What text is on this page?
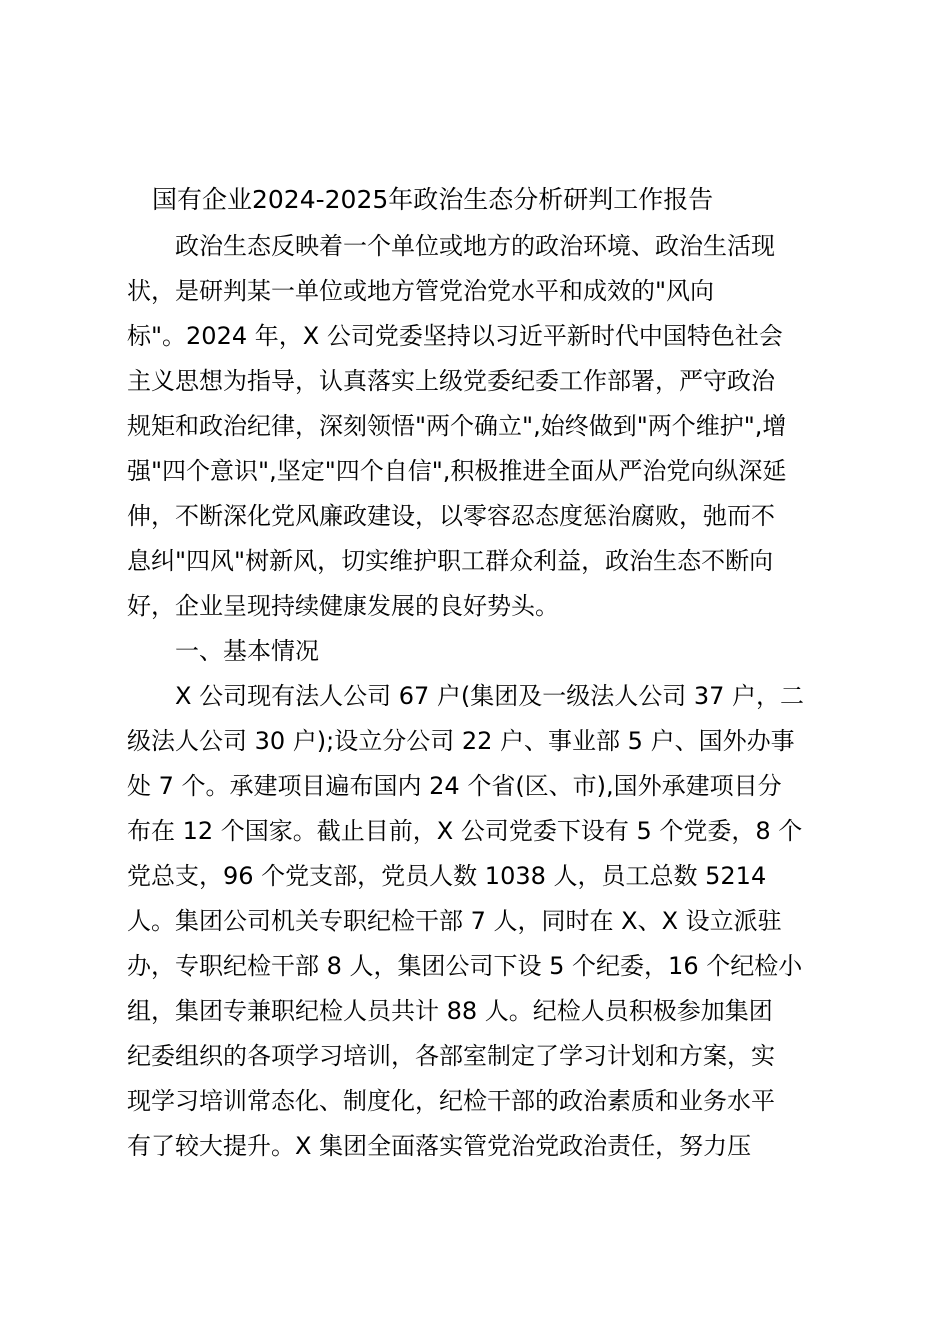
国有企业2024-2025年政治生态分析研判工作报告

　　政治生态反映着一个单位或地方的政治环境、政治生活现

状，是研判某一单位或地方管党治党水平和成效的"风向

标"。2024 年，X 公司党委坚持以习近平新时代中国特色社会

主义思想为指导，认真落实上级党委纪委工作部署，严守政治

规矩和政治纪律，深刻领悟"两个确立",始终做到"两个维护",增

强"四个意识",坚定"四个自信",积极推进全面从严治党向纵深延

伸，不断深化党风廉政建设，以零容忍态度惩治腐败，弛而不

息纠"四风"树新风，切实维护职工群众利益，政治生态不断向

好，企业呈现持续健康发展的良好势头。

　　一、基本情况

　　X 公司现有法人公司 67 户(集团及一级法人公司 37 户，二

级法人公司 30 户);设立分公司 22 户、事业部 5 户、国外办事

处 7 个。承建项目遍布国内 24 个省(区、市),国外承建项目分

布在 12 个国家。截止目前，X 公司党委下设有 5 个党委，8 个

党总支，96 个党支部，党员人数 1038 人，员工总数 5214

人。集团公司机关专职纪检干部 7 人，同时在 X、X 设立派驻

办，专职纪检干部 8 人，集团公司下设 5 个纪委，16 个纪检小

组，集团专兼职纪检人员共计 88 人。纪检人员积极参加集团

纪委组织的各项学习培训，各部室制定了学习计划和方案，实

现学习培训常态化、制度化，纪检干部的政治素质和业务水平

有了较大提升。X 集团全面落实管党治党政治责任，努力压
